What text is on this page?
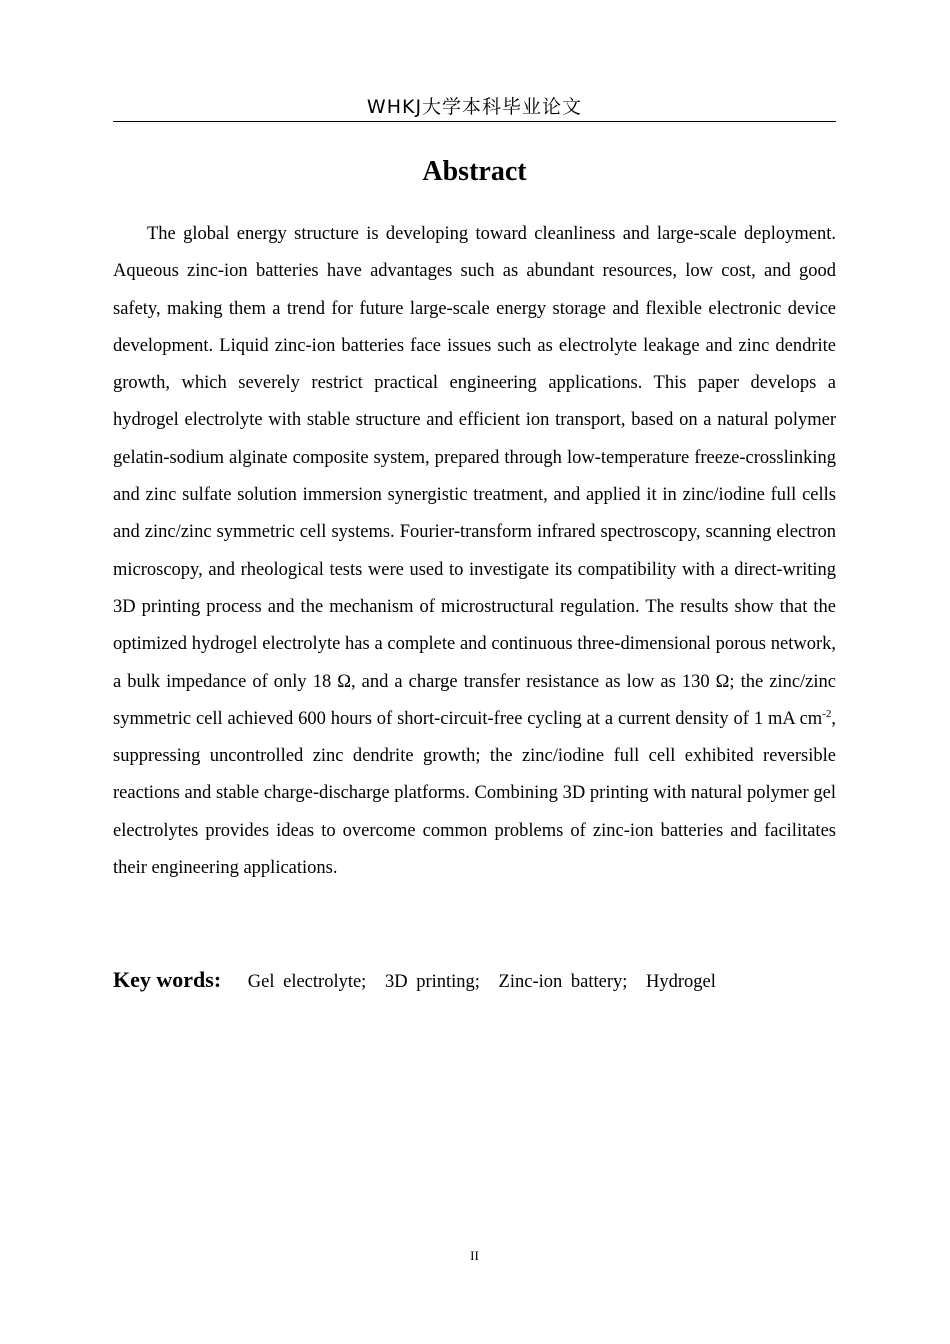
WHKJ大学本科毕业论文
Abstract

The global energy structure is developing toward cleanliness and large-scale deployment. Aqueous zinc-ion batteries have advantages such as abundant resources, low cost, and good safety, making them a trend for future large-scale energy storage and flexible electronic device development. Liquid zinc-ion batteries face issues such as electrolyte leakage and zinc dendrite growth, which severely restrict practical engineering applications. This paper develops a hydrogel electrolyte with stable structure and efficient ion transport, based on a natural polymer gelatin-sodium alginate composite system, prepared through low-temperature freeze-crosslinking and zinc sulfate solution immersion synergistic treatment, and applied it in zinc/iodine full cells and zinc/zinc symmetric cell systems. Fourier-transform infrared spectroscopy, scanning electron microscopy, and rheological tests were used to investigate its compatibility with a direct-writing 3D printing process and the mechanism of microstructural regulation. The results show that the optimized hydrogel electrolyte has a complete and continuous three-dimensional porous network, a bulk impedance of only 18 Ω, and a charge transfer resistance as low as 130 Ω; the zinc/zinc symmetric cell achieved 600 hours of short-circuit-free cycling at a current density of 1 mA $cm^{-2}$, suppressing uncontrolled zinc dendrite growth; the zinc/iodine full cell exhibited reversible reactions and stable charge-discharge platforms. Combining 3D printing with natural polymer gel electrolytes provides ideas to overcome common problems of zinc-ion batteries and facilitates their engineering applications.

Key words: Gel electrolyte; 3D printing; Zinc-ion battery; Hydrogel
II
